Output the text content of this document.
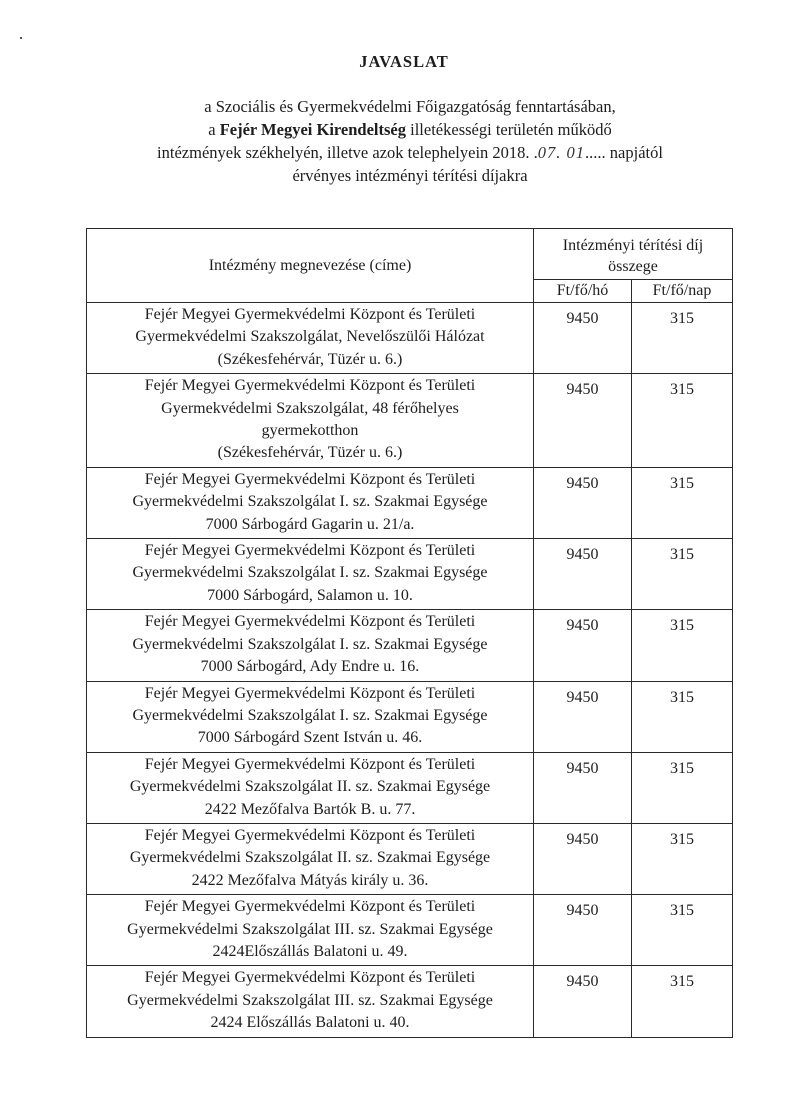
JAVASLAT
a Szociális és Gyermekvédelmi Főigazgatóság fenntartásában,
a Fejér Megyei Kirendeltség illetékességi területén működő
intézmények székhelyén, illetve azok telephelyein 2018. .07. 01..... napjától
érvényes intézményi térítési díjakra
Intézmény megnevezése (címe)	Intézményi térítési díj
összege	

	Ft/fő/hó	Ft/fő/nap

Fejér Megyei Gyermekvédelmi Központ és Területi
Gyermekvédelmi Szakszolgálat, Nevelőszülői Hálózat
(Székesfehérvár, Tüzér u. 6.)	9450	315

Fejér Megyei Gyermekvédelmi Központ és Területi
Gyermekvédelmi Szakszolgálat, 48 férőhelyes
gyermekotthon
(Székesfehérvár, Tüzér u. 6.)	9450	315

Fejér Megyei Gyermekvédelmi Központ és Területi
Gyermekvédelmi Szakszolgálat I. sz. Szakmai Egysége
7000 Sárbogárd Gagarin u. 21/a.	9450	315

Fejér Megyei Gyermekvédelmi Központ és Területi
Gyermekvédelmi Szakszolgálat I. sz. Szakmai Egysége
7000 Sárbogárd, Salamon u. 10.	9450	315

Fejér Megyei Gyermekvédelmi Központ és Területi
Gyermekvédelmi Szakszolgálat I. sz. Szakmai Egysége
7000 Sárbogárd, Ady Endre u. 16.	9450	315

Fejér Megyei Gyermekvédelmi Központ és Területi
Gyermekvédelmi Szakszolgálat I. sz. Szakmai Egysége
7000 Sárbogárd Szent István u. 46.	9450	315

Fejér Megyei Gyermekvédelmi Központ és Területi
Gyermekvédelmi Szakszolgálat II. sz. Szakmai Egysége
2422 Mezőfalva Bartók B. u. 77.	9450	315

Fejér Megyei Gyermekvédelmi Központ és Területi
Gyermekvédelmi Szakszolgálat II. sz. Szakmai Egysége
2422 Mezőfalva Mátyás király u. 36.	9450	315

Fejér Megyei Gyermekvédelmi Központ és Területi
Gyermekvédelmi Szakszolgálat III. sz. Szakmai Egysége
2424Előszállás Balatoni u. 49.	9450	315

Fejér Megyei Gyermekvédelmi Központ és Területi
Gyermekvédelmi Szakszolgálat III. sz. Szakmai Egysége
2424 Előszállás Balatoni u. 40.	9450	315
